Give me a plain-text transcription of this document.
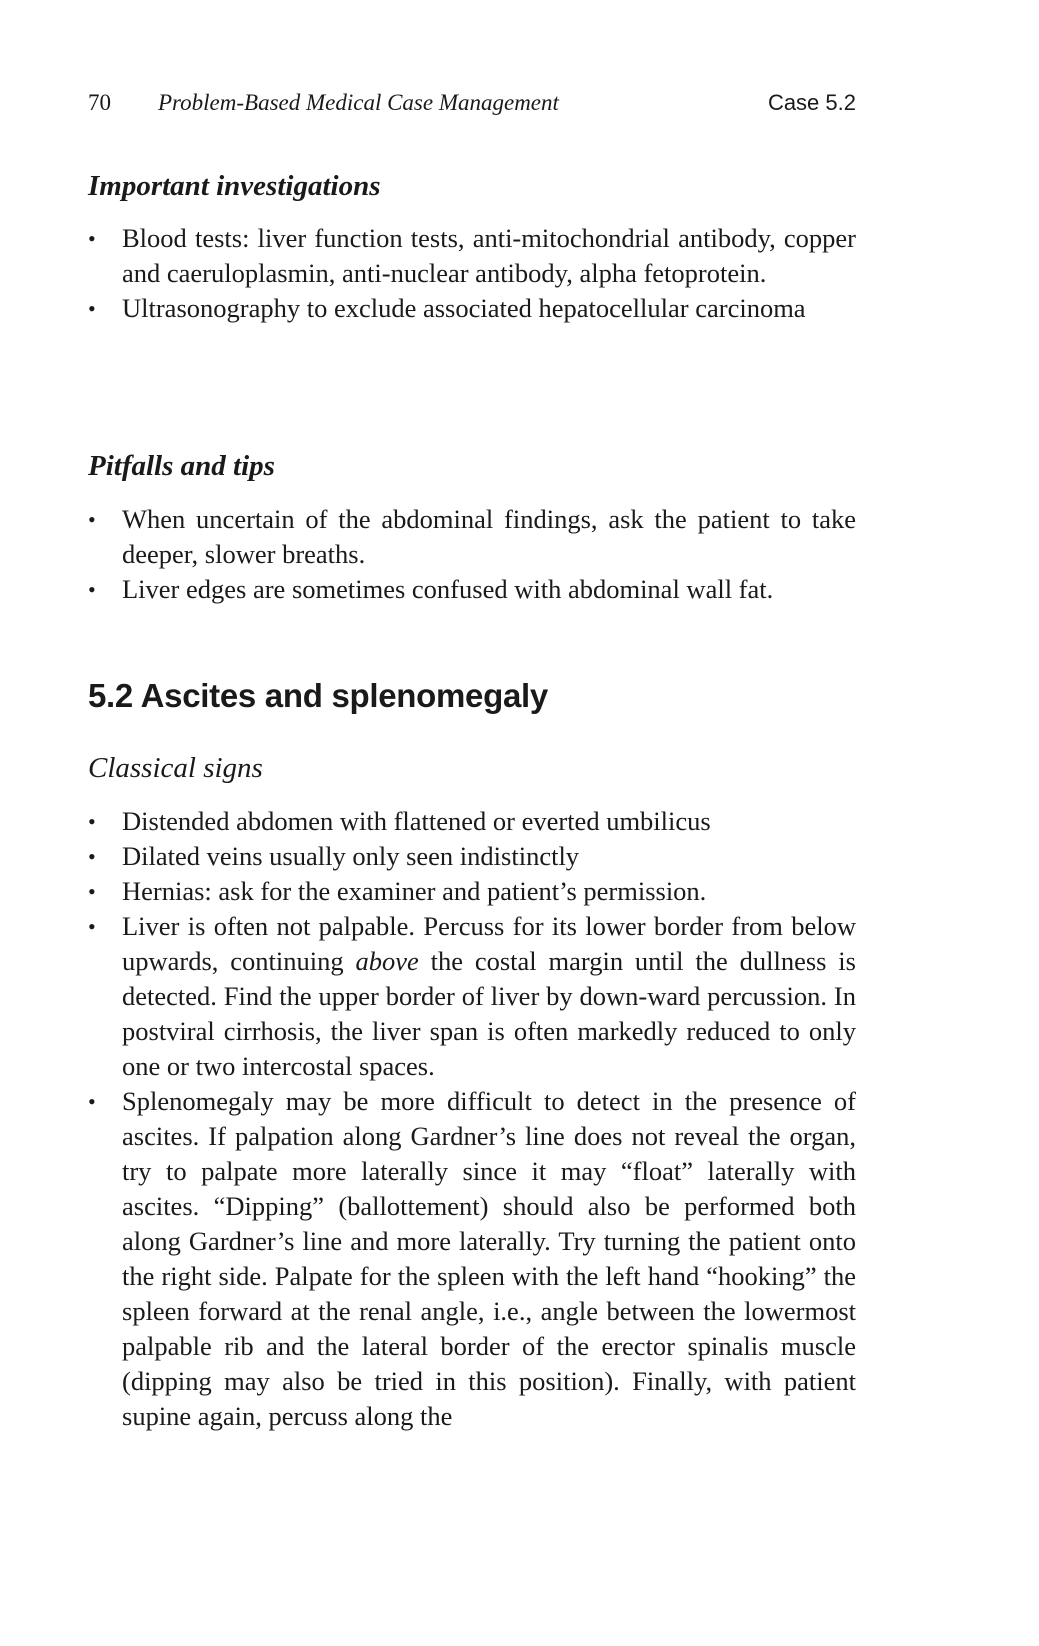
70 Problem-Based Medical Case Management	Case 5.2
Important investigations
• Blood tests: liver function tests, anti-mitochondrial antibody, copper and caeruloplasmin, anti-nuclear antibody, alpha fetoprotein.
• Ultrasonography to exclude associated hepatocellular carcinoma
Pitfalls and tips
• When uncertain of the abdominal findings, ask the patient to take deeper, slower breaths.
• Liver edges are sometimes confused with abdominal wall fat.
5.2 Ascites and splenomegaly
Classical signs
• Distended abdomen with flattened or everted umbilicus
• Dilated veins usually only seen indistinctly
• Hernias: ask for the examiner and patient’s permission.
• Liver is often not palpable. Percuss for its lower border from below upwards, continuing above the costal margin until the dullness is detected. Find the upper border of liver by down-ward percussion. In postviral cirrhosis, the liver span is often markedly reduced to only one or two intercostal spaces.
• Splenomegaly may be more difficult to detect in the presence of ascites. If palpation along Gardner’s line does not reveal the organ, try to palpate more laterally since it may “float” laterally with ascites. “Dipping” (ballottement) should also be performed both along Gardner’s line and more laterally. Try turning the patient onto the right side. Palpate for the spleen with the left hand “hooking” the spleen forward at the renal angle, i.e., angle between the lowermost palpable rib and the lateral border of the erector spinalis muscle (dipping may also be tried in this position). Finally, with patient supine again, percuss along the
